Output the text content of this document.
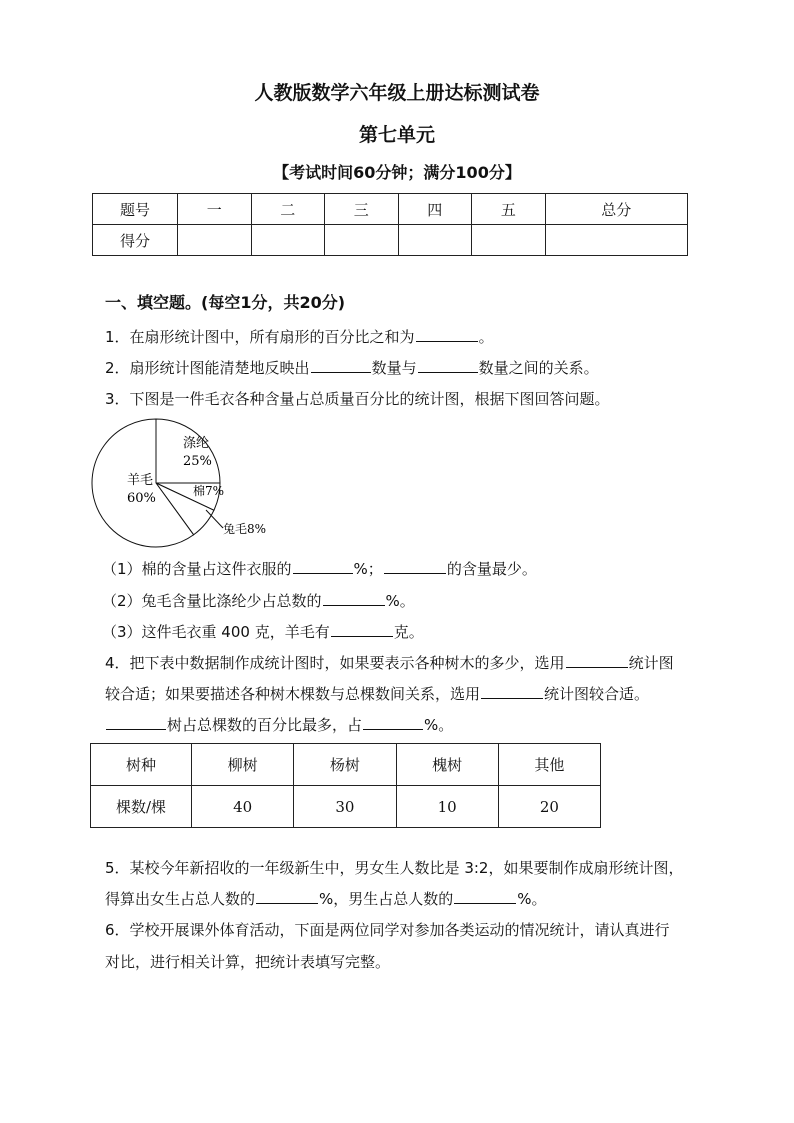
人教版数学六年级上册达标测试卷
第七单元
【考试时间60分钟；满分100分】
题号	一	二	三	四	五	总分
得分						
一、填空题。(每空1分，共20分)
1．在扇形统计图中，所有扇形的百分比之和为	。
2．扇形统计图能清楚地反映出	数量与	数量之间的关系。
3．下图是一件毛衣各种含量占总质量百分比的统计图，根据下图回答问题。
涤纶
25%
羊毛
60%	棉7%
兔毛8%
（1）棉的含量占这件衣服的	%；	的含量最少。
（2）兔毛含量比涤纶少占总数的	%。
（3）这件毛衣重 400 克，羊毛有	克。
4．把下表中数据制作成统计图时，如果要表示各种树木的多少，选用	统计图
较合适；如果要描述各种树木棵数与总棵数间关系，选用	统计图较合适。
树占总棵数的百分比最多，占	%。
树种	柳树	杨树	槐树	其他
棵数/棵	40	30	10	20
5．某校今年新招收的一年级新生中，男女生人数比是 3:2，如果要制作成扇形统计图，
得算出女生占总人数的	%，男生占总人数的	%。
6．学校开展课外体育活动，下面是两位同学对参加各类运动的情况统计，请认真进行
对比，进行相关计算，把统计表填写完整。
